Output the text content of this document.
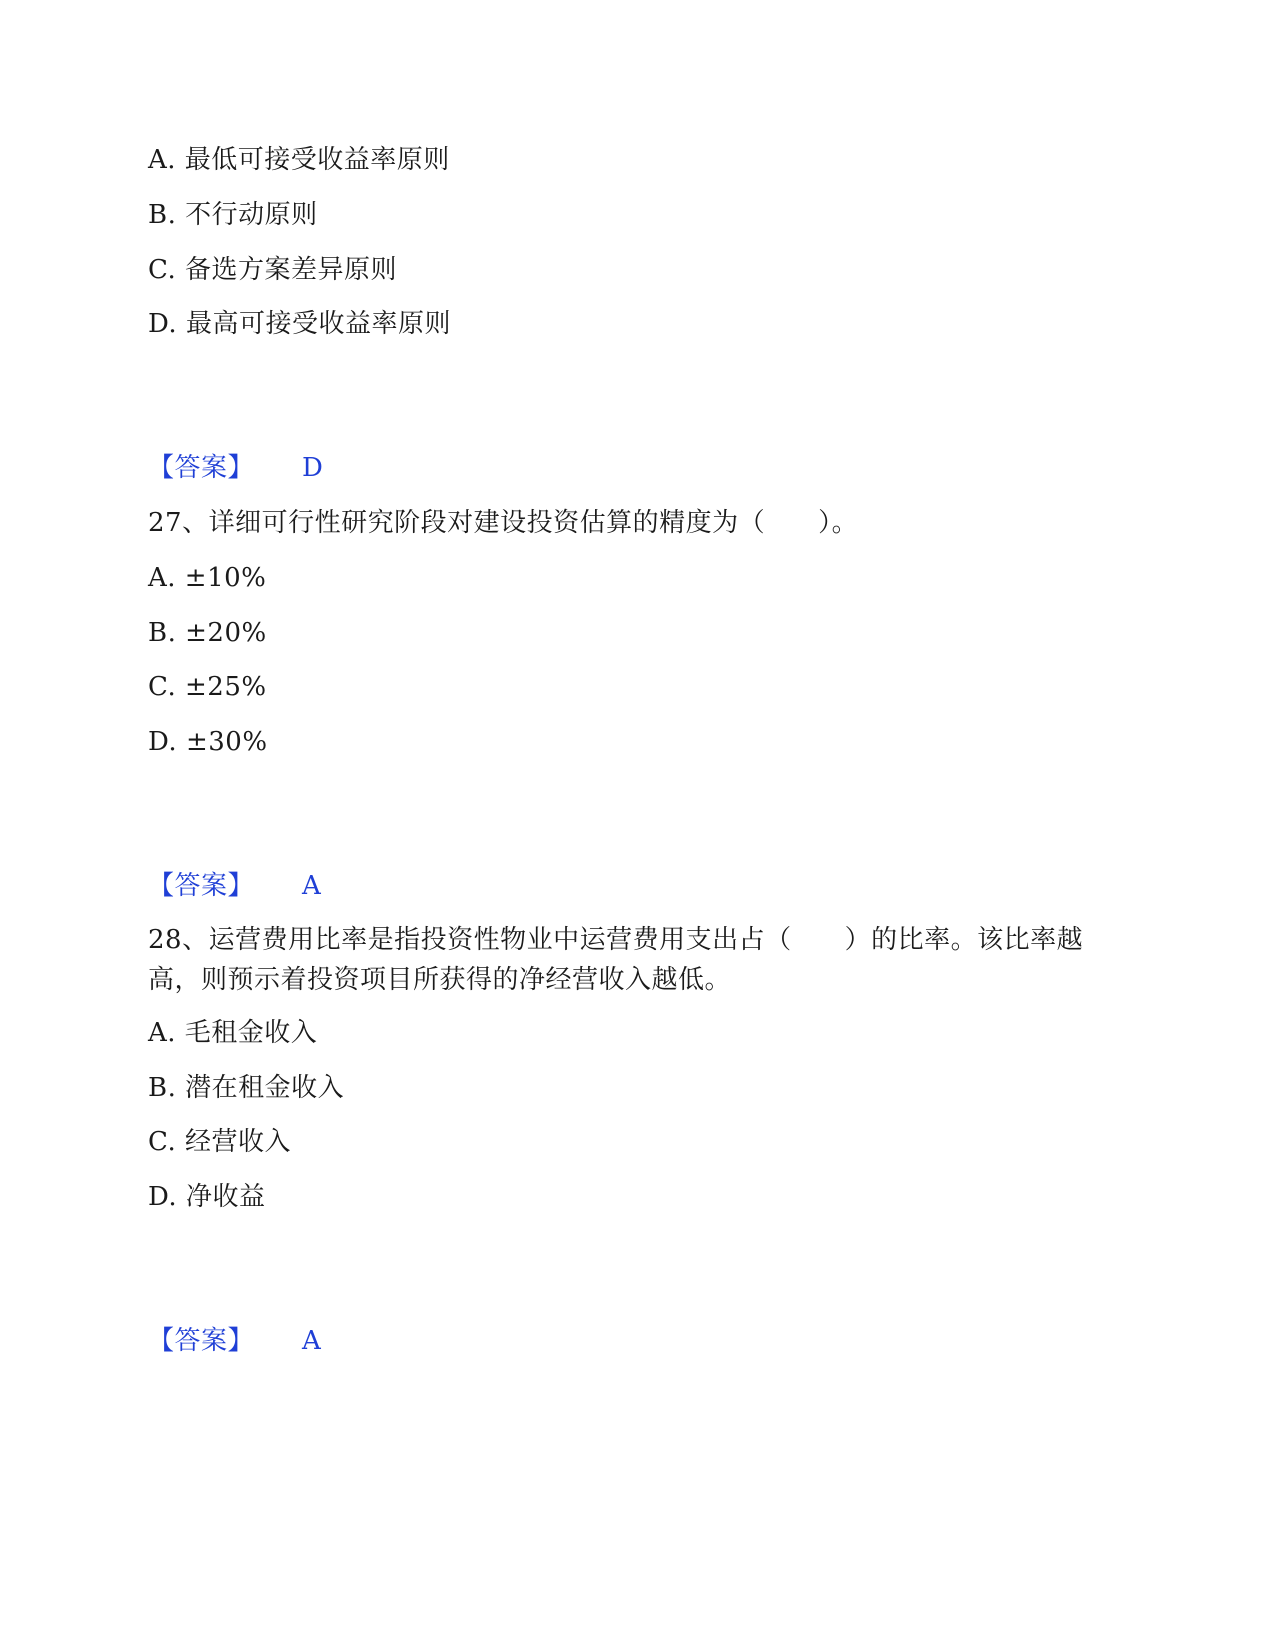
A. 最低可接受收益率原则
B. 不行动原则
C. 备选方案差异原则
D. 最高可接受收益率原则
【答案】 D
27、详细可行性研究阶段对建设投资估算的精度为（　　）。
A. ±10%
B. ±20%
C. ±25%
D. ±30%
【答案】 A
28、运营费用比率是指投资性物业中运营费用支出占（　　）的比率。该比率越高，则预示着投资项目所获得的净经营收入越低。
A. 毛租金收入
B. 潜在租金收入
C. 经营收入
D. 净收益
【答案】 A
